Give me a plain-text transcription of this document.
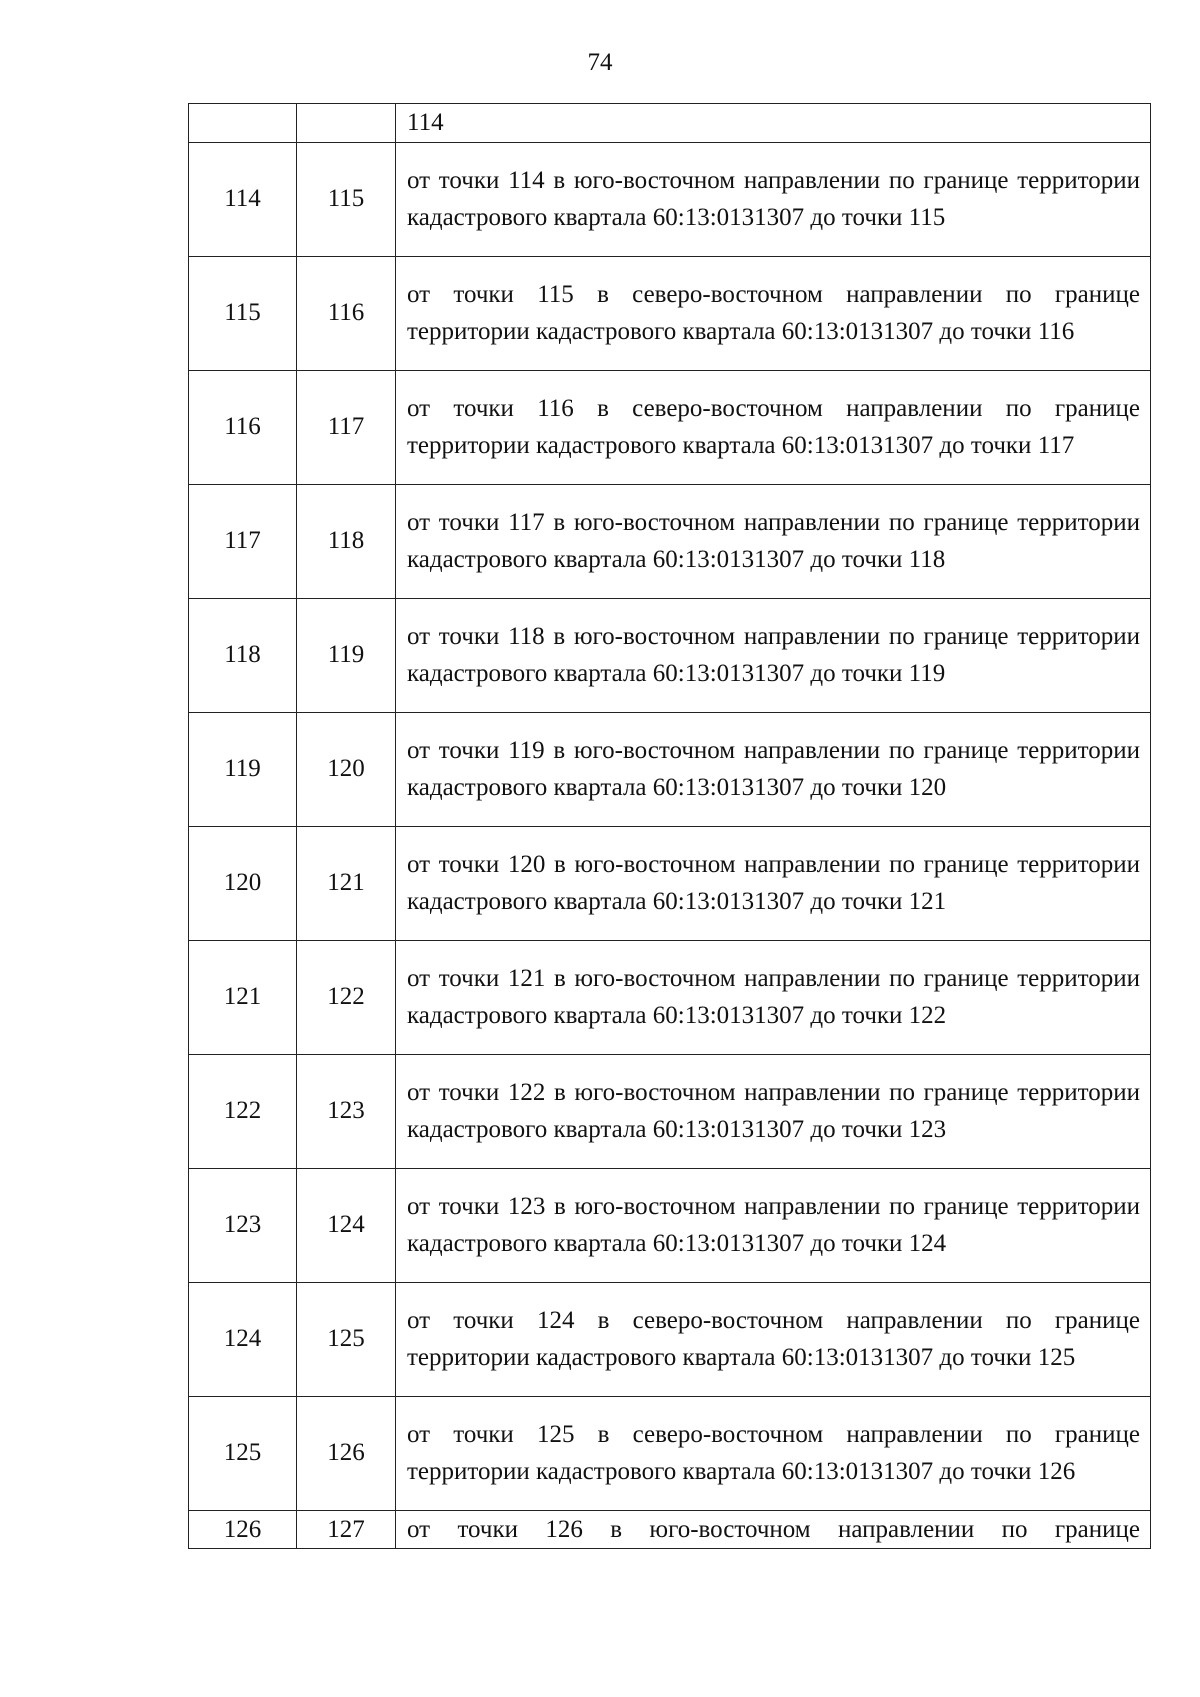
74
		114
114	115	от точки 114 в юго-восточном направлении по границе территории кадастрового квартала 60:13:0131307 до точки 115
115	116	от точки 115 в северо-восточном направлении по границе территории кадастрового квартала 60:13:0131307 до точки 116
116	117	от точки 116 в северо-восточном направлении по границе территории кадастрового квартала 60:13:0131307 до точки 117
117	118	от точки 117 в юго-восточном направлении по границе территории кадастрового квартала 60:13:0131307 до точки 118
118	119	от точки 118 в юго-восточном направлении по границе территории кадастрового квартала 60:13:0131307 до точки 119
119	120	от точки 119 в юго-восточном направлении по границе территории кадастрового квартала 60:13:0131307 до точки 120
120	121	от точки 120 в юго-восточном направлении по границе территории кадастрового квартала 60:13:0131307 до точки 121
121	122	от точки 121 в юго-восточном направлении по границе территории кадастрового квартала 60:13:0131307 до точки 122
122	123	от точки 122 в юго-восточном направлении по границе территории кадастрового квартала 60:13:0131307 до точки 123
123	124	от точки 123 в юго-восточном направлении по границе территории кадастрового квартала 60:13:0131307 до точки 124
124	125	от точки 124 в северо-восточном направлении по границе территории кадастрового квартала 60:13:0131307 до точки 125
125	126	от точки 125 в северо-восточном направлении по границе территории кадастрового квартала 60:13:0131307 до точки 126
126	127	от точки 126 в юго-восточном направлении по границе
